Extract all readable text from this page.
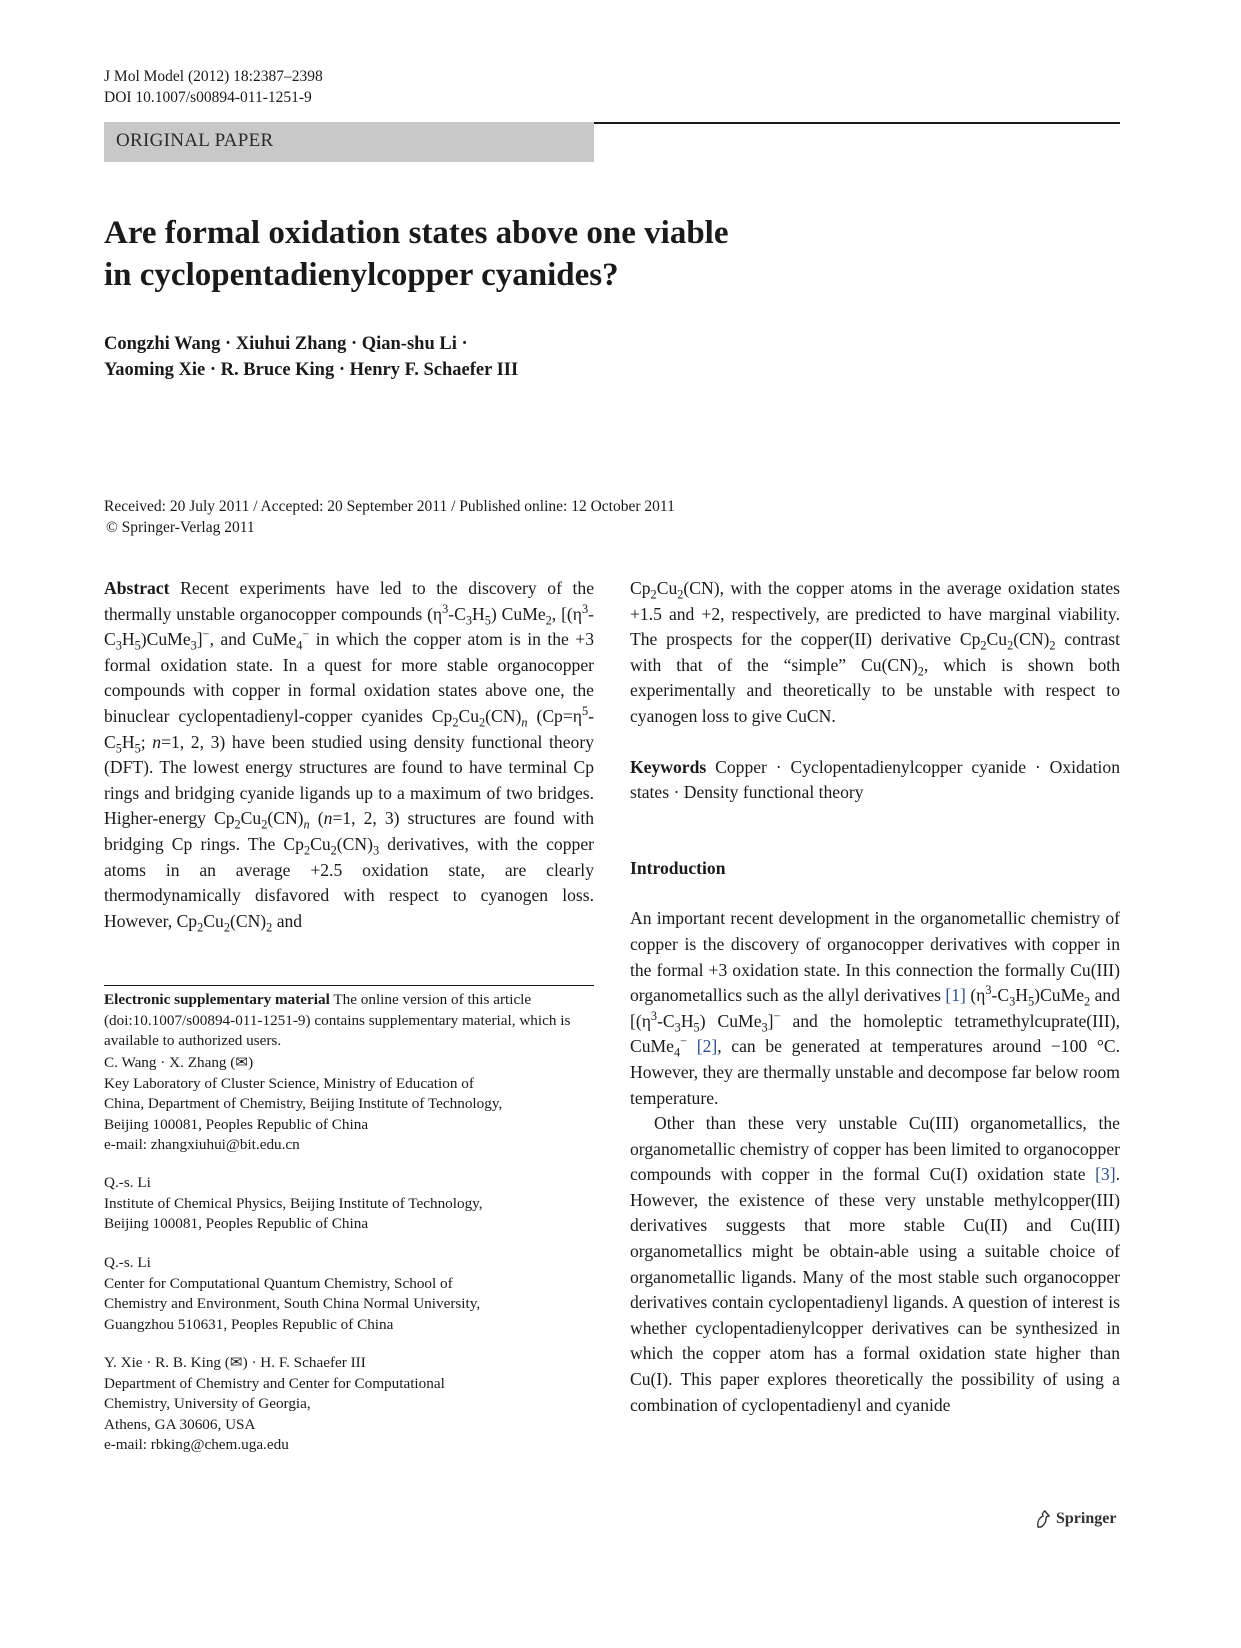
J Mol Model (2012) 18:2387–2398
DOI 10.1007/s00894-011-1251-9
ORIGINAL PAPER
Are formal oxidation states above one viable
in cyclopentadienylcopper cyanides?
Congzhi Wang · Xiuhui Zhang · Qian-shu Li ·
Yaoming Xie · R. Bruce King · Henry F. Schaefer III
Received: 20 July 2011 / Accepted: 20 September 2011 / Published online: 12 October 2011
© Springer-Verlag 2011

Abstract Recent experiments have led to the discovery of the thermally unstable organocopper compounds $(\eta^3-C_3H_5)$ CuMe$_2$, $[(\eta^3-C_3H_5)CuMe_3]^-$, and CuMe$_4$− in which the copper atom is in the +3 formal oxidation state. In a quest for more stable organocopper compounds with copper in formal oxidation states above one, the binuclear cyclopentadienyl-copper cyanides $Cp_2Cu_2(CN)_n$ ($Cp=\eta^5-C_5H_5$; n=1, 2, 3) have been studied using density functional theory (DFT). The lowest energy structures are found to have terminal Cp rings and bridging cyanide ligands up to a maximum of two bridges. Higher-energy $Cp_2Cu_2(CN)_n$ (n=1, 2, 3) structures are found with bridging Cp rings. The $Cp_2Cu_2(CN)_3$ derivatives, with the copper atoms in an average +2.5 oxidation state, are clearly thermodynamically disfavored with respect to cyanogen loss. However, $Cp_2Cu_2(CN)_2$ and

Electronic supplementary material The online version of this article (doi:10.1007/s00894-011-1251-9) contains supplementary material, which is available to authorized users.
C. Wang · X. Zhang (✉)
Key Laboratory of Cluster Science, Ministry of Education of
China, Department of Chemistry, Beijing Institute of Technology,
Beijing 100081, Peoples Republic of China
e-mail: zhangxiuhui@bit.edu.cn
Q.-s. Li
Institute of Chemical Physics, Beijing Institute of Technology,
Beijing 100081, Peoples Republic of China
Q.-s. Li
Center for Computational Quantum Chemistry, School of
Chemistry and Environment, South China Normal University,
Guangzhou 510631, Peoples Republic of China
Y. Xie · R. B. King (✉) · H. F. Schaefer III
Department of Chemistry and Center for Computational
Chemistry, University of Georgia,
Athens, GA 30606, USA
e-mail: rbking@chem.uga.edu

$Cp_2Cu_2(CN)$, with the copper atoms in the average oxidation states +1.5 and +2, respectively, are predicted to have marginal viability. The prospects for the copper(II) derivative $Cp_2Cu_2(CN)_2$ contrast with that of the “simple” $Cu(CN)_2$, which is shown both experimentally and theoretically to be unstable with respect to cyanogen loss to give CuCN.

Keywords Copper · Cyclopentadienylcopper cyanide · Oxidation states · Density functional theory

Introduction

An important recent development in the organometallic chemistry of copper is the discovery of organocopper derivatives with copper in the formal +3 oxidation state. In this connection the formally Cu(III) organometallics such as the allyl derivatives [1] $(\eta^3-C_3H_5)CuMe_2$ and [$(\eta^3-C_3H_5)$ CuMe$_3$]− and the homoleptic tetramethylcuprate(III), CuMe$_4$− [2], can be generated at temperatures around −100 °C. However, they are thermally unstable and decompose far below room temperature.

Other than these very unstable Cu(III) organometallics, the organometallic chemistry of copper has been limited to organocopper compounds with copper in the formal Cu(I) oxidation state [3]. However, the existence of these very unstable methylcopper(III) derivatives suggests that more stable Cu(II) and Cu(III) organometallics might be obtain-able using a suitable choice of organometallic ligands. Many of the most stable such organocopper derivatives contain cyclopentadienyl ligands. A question of interest is whether cyclopentadienylcopper derivatives can be synthesized in which the copper atom has a formal oxidation state higher than Cu(I). This paper explores theoretically the possibility of using a combination of cyclopentadienyl and cyanide

Springer
